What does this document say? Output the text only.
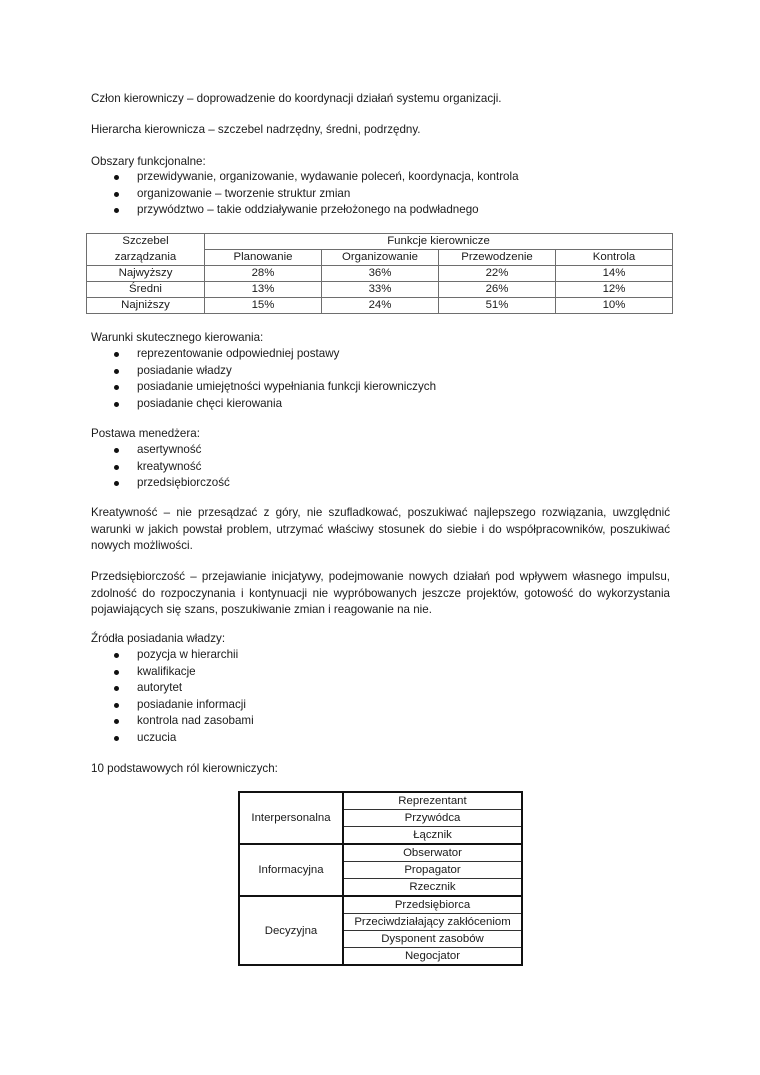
Człon kierowniczy – doprowadzenie do koordynacji działań systemu organizacji.
Hierarcha kierownicza – szczebel nadrzędny, średni, podrzędny.
Obszary funkcjonalne:
przewidywanie, organizowanie, wydawanie poleceń, koordynacja, kontrola
organizowanie – tworzenie struktur zmian
przywództwo – takie oddziaływanie przełożonego na podwładnego
Warunki skutecznego kierowania:
reprezentowanie odpowiedniej postawy
posiadanie władzy
posiadanie umiejętności wypełniania funkcji kierowniczych
posiadanie chęci kierowania
Postawa menedżera:
asertywność
kreatywność
przedsiębiorczość
Kreatywność – nie przesądzać z góry, nie szufladkować, poszukiwać najlepszego rozwiązania, uwzględnić warunki w jakich powstał problem, utrzymać właściwy stosunek do siebie i do współpracowników, poszukiwać nowych możliwości.
Przedsiębiorczość – przejawianie inicjatywy, podejmowanie nowych działań pod wpływem własnego impulsu, zdolność do rozpoczynania i kontynuacji nie wypróbowanych jeszcze projektów, gotowość do wykorzystania pojawiających się szans, poszukiwanie zmian i reagowanie na nie.
Źródła posiadania władzy:
pozycja w hierarchii
kwalifikacje
autorytet
posiadanie informacji
kontrola nad zasobami
uczucia
10 podstawowych ról kierowniczych:
Szczebel	Funkcje kierownicze			
zarządzania	Planowanie	Organizowanie	Przewodzenie	Kontrola
Najwyższy	28%	36%	22%	14%
Średni	13%	33%	26%	12%
Najniższy	15%	24%	51%	10%
Interpersonalna	Reprezentant
	Przywódca
	Łącznik
Informacyjna	Obserwator
	Propagator
	Rzecznik
Decyzyjna	Przedsiębiorca
	Przeciwdziałający zakłóceniom
	Dysponent zasobów
	Negocjator
